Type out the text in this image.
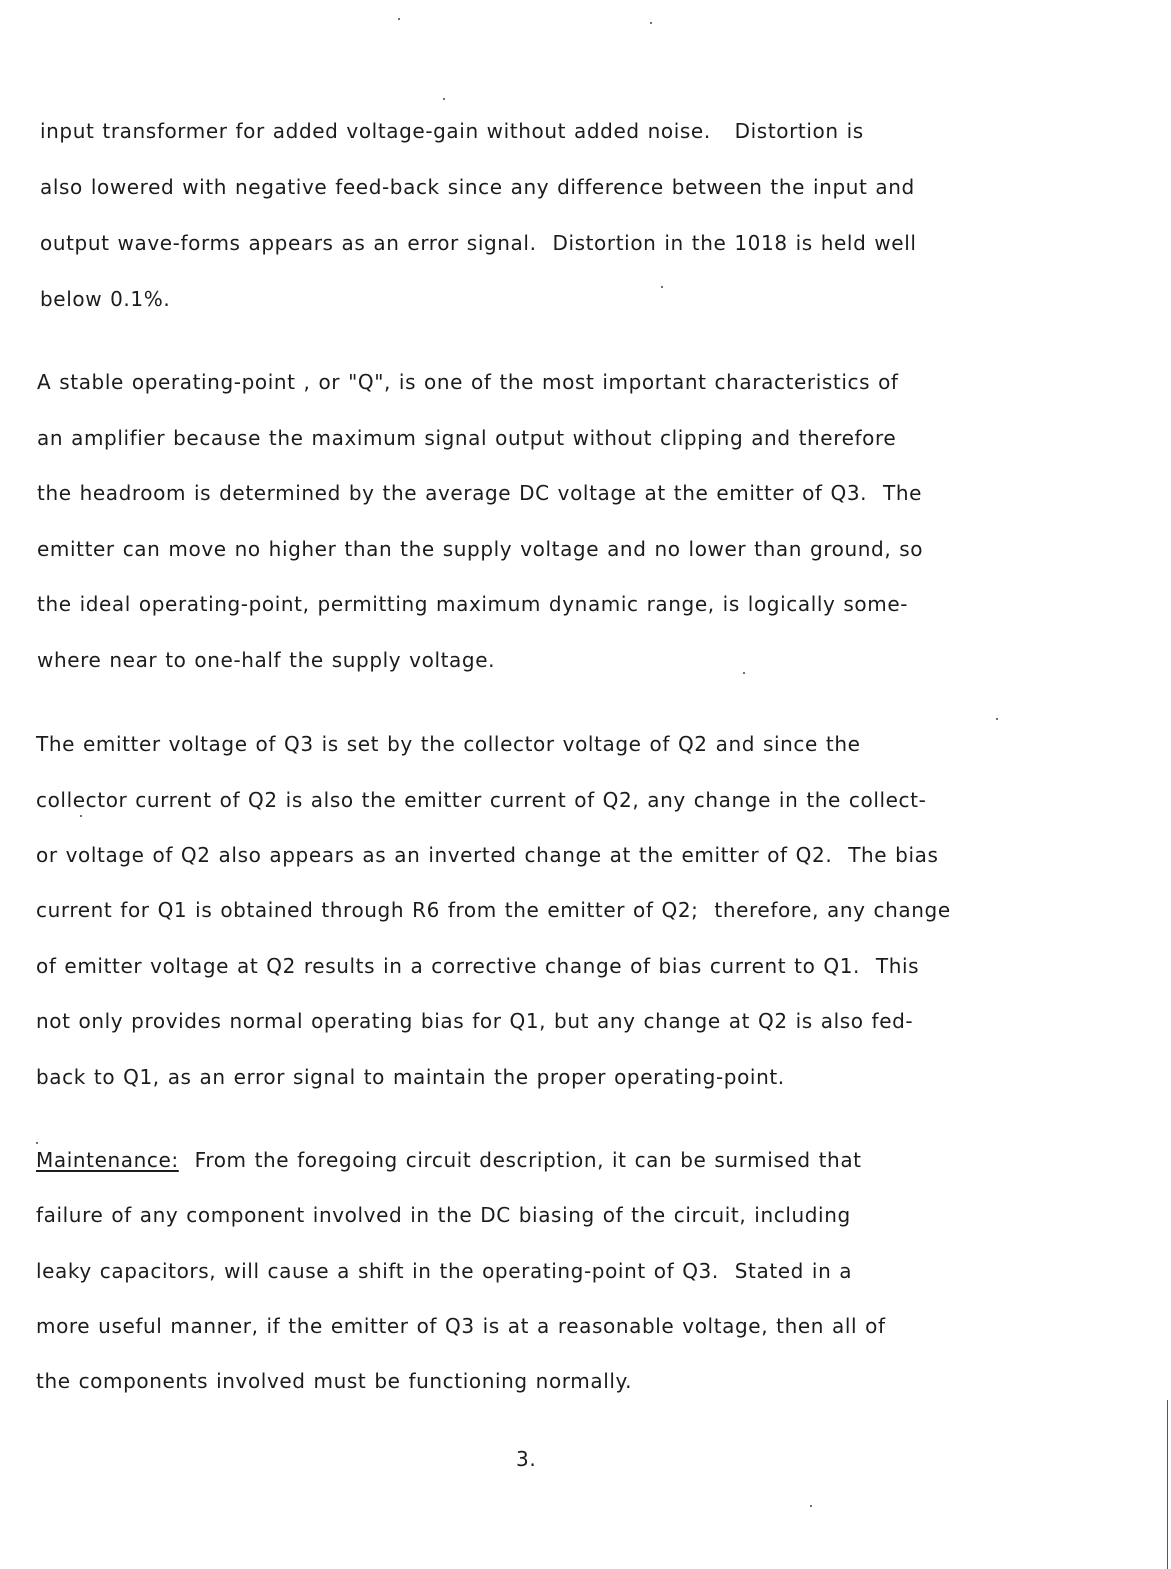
input transformer for added voltage-gain without added noise.   Distortion is
also lowered with negative feed-back since any difference between the input and
output wave-forms appears as an error signal.  Distortion in the 1018 is held well
below 0.1%.
A stable operating-point , or "Q", is one of the most important characteristics of
an amplifier because the maximum signal output without clipping and therefore
the headroom is determined by the average DC voltage at the emitter of Q3.  The
emitter can move no higher than the supply voltage and no lower than ground, so
the ideal operating-point, permitting maximum dynamic range, is logically some-
where near to one-half the supply voltage.
The emitter voltage of Q3 is set by the collector voltage of Q2 and since the
collector current of Q2 is also the emitter current of Q2, any change in the collect-
or voltage of Q2 also appears as an inverted change at the emitter of Q2.  The bias
current for Q1 is obtained through R6 from the emitter of Q2;  therefore, any change
of emitter voltage at Q2 results in a corrective change of bias current to Q1.  This
not only provides normal operating bias for Q1, but any change at Q2 is also fed-
back to Q1, as an error signal to maintain the proper operating-point.
Maintenance:  From the foregoing circuit description, it can be surmised that
failure of any component involved in the DC biasing of the circuit, including
leaky capacitors, will cause a shift in the operating-point of Q3.  Stated in a
more useful manner, if the emitter of Q3 is at a reasonable voltage, then all of
the components involved must be functioning normally.
3.
